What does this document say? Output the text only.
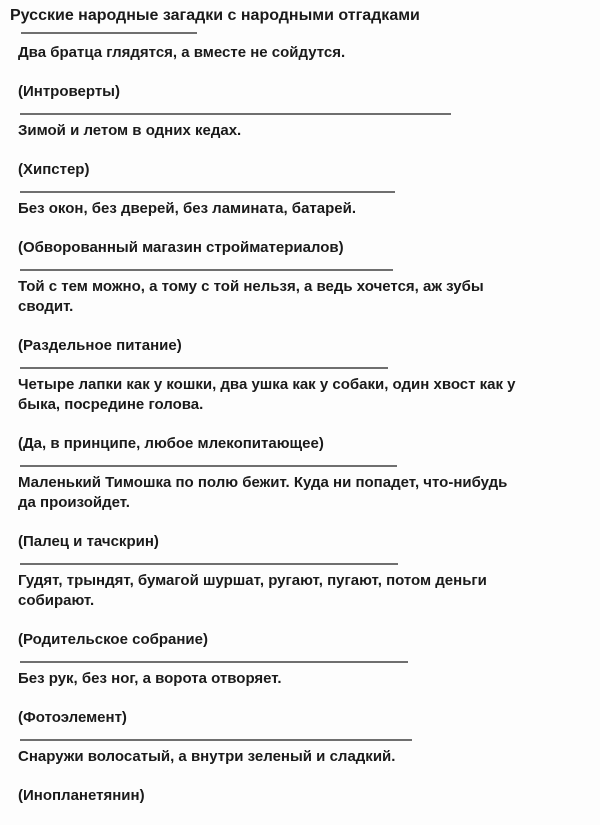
Русские народные загадки с народными отгадками

Два братца глядятся, а вместе не сойдутся.

(Интроверты)

Зимой и летом в одних кедах.

(Хипстер)

Без окон, без дверей, без ламината, батарей.

(Обворованный магазин стройматериалов)

Той с тем можно, а тому с той нельзя, а ведь хочется, аж зубы сводит.

(Раздельное питание)

Четыре лапки как у кошки, два ушка как у собаки, один хвост как у быка, посредине голова.

(Да, в принципе, любое млекопитающее)

Маленький Тимошка по полю бежит. Куда ни попадет, что-нибудь да произойдет.

(Палец и тачскрин)

Гудят, трындят, бумагой шуршат, ругают, пугают, потом деньги собирают.

(Родительское собрание)

Без рук, без ног, а ворота отворяет.

(Фотоэлемент)

Снаружи волосатый, а внутри зеленый и сладкий.

(Инопланетянин)
